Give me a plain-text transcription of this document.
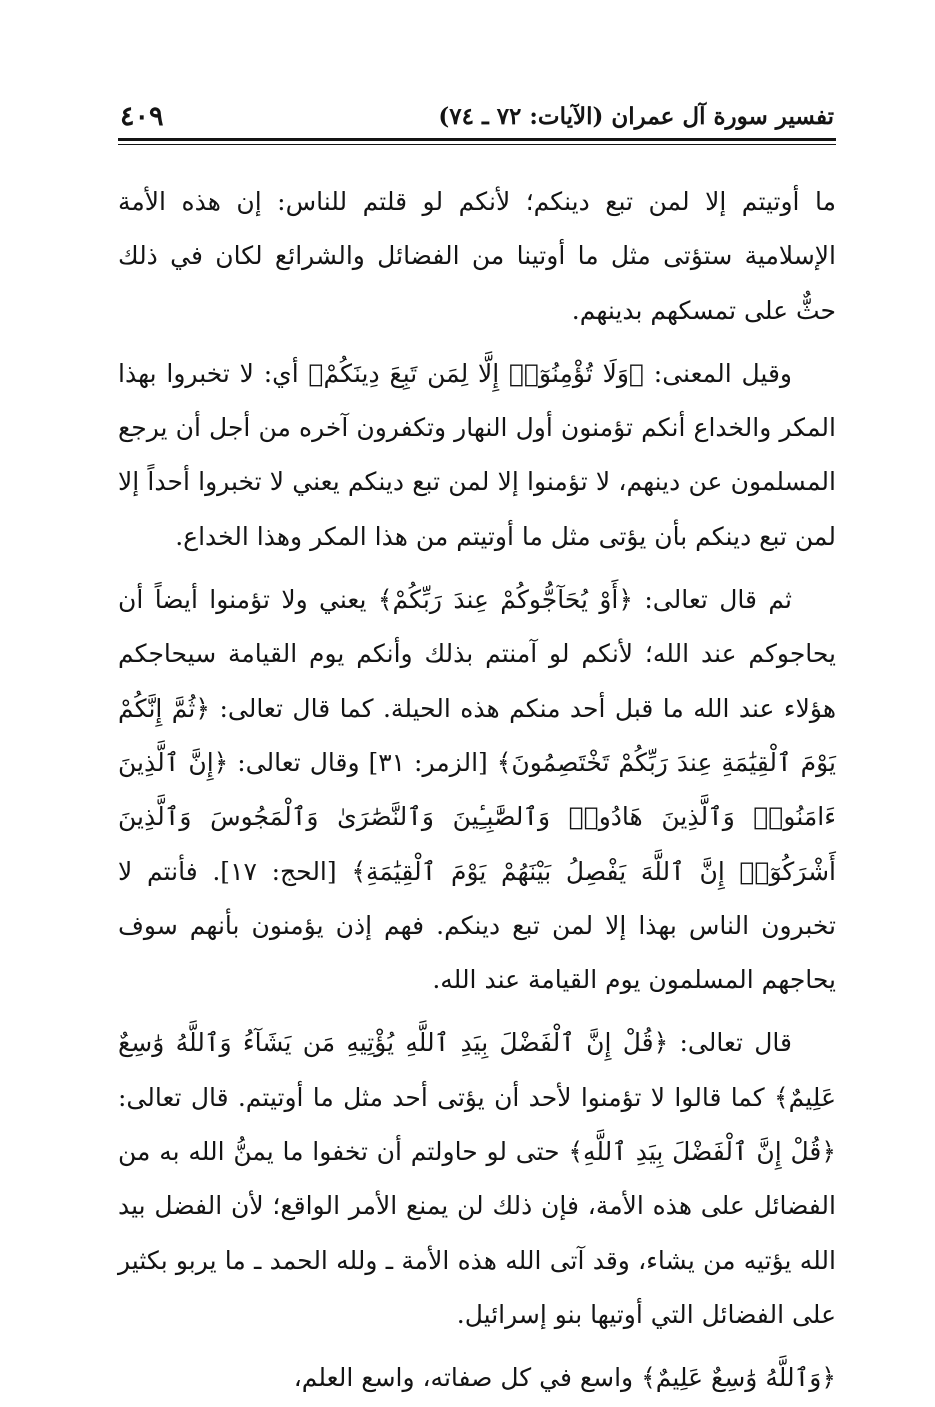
تفسير سورة آل عمران (الآيات: ٧٢ ـ ٧٤)
٤٠٩

ما أوتيتم إلا لمن تبع دينكم؛ لأنكم لو قلتم للناس: إن هذه الأمة الإسلامية ستؤتى مثل ما أوتينا من الفضائل والشرائع لكان في ذلك حثٌّ على تمسكهم بدينهم.

وقيل المعنى: ﴿وَلَا تُؤْمِنُوٓا۟ إِلَّا لِمَن تَبِعَ دِينَكُمْ﴾ أي: لا تخبروا بهذا المكر والخداع أنكم تؤمنون أول النهار وتكفرون آخره من أجل أن يرجع المسلمون عن دينهم، لا تؤمنوا إلا لمن تبع دينكم يعني لا تخبروا أحداً إلا لمن تبع دينكم بأن يؤتى مثل ما أوتيتم من هذا المكر وهذا الخداع.

ثم قال تعالى: ﴿أَوْ يُحَآجُّوكُمْ عِندَ رَبِّكُمْ﴾ يعني ولا تؤمنوا أيضاً أن يحاجوكم عند الله؛ لأنكم لو آمنتم بذلك وأنكم يوم القيامة سيحاجكم هؤلاء عند الله ما قبل أحد منكم هذه الحيلة. كما قال تعالى: ﴿ثُمَّ إِنَّكُمْ يَوْمَ ٱلْقِيَٰمَةِ عِندَ رَبِّكُمْ تَخْتَصِمُونَ﴾ [الزمر: ٣١] وقال تعالى: ﴿إِنَّ ٱلَّذِينَ ءَامَنُوا۟ وَٱلَّذِينَ هَادُوا۟ وَٱلصَّٰبِـِٔينَ وَٱلنَّصَٰرَىٰ وَٱلْمَجُوسَ وَٱلَّذِينَ أَشْرَكُوٓا۟ إِنَّ ٱللَّهَ يَفْصِلُ بَيْنَهُمْ يَوْمَ ٱلْقِيَٰمَةِ﴾ [الحج: ١٧]. فأنتم لا تخبرون الناس بهذا إلا لمن تبع دينكم. فهم إذن يؤمنون بأنهم سوف يحاجهم المسلمون يوم القيامة عند الله.

قال تعالى: ﴿قُلْ إِنَّ ٱلْفَضْلَ بِيَدِ ٱللَّهِ يُؤْتِيهِ مَن يَشَآءُ وَٱللَّهُ وَٰسِعٌ عَلِيمٌ﴾ كما قالوا لا تؤمنوا لأحد أن يؤتى أحد مثل ما أوتيتم. قال تعالى: ﴿قُلْ إِنَّ ٱلْفَضْلَ بِيَدِ ٱللَّهِ﴾ حتى لو حاولتم أن تخفوا ما يمنُّ الله به من الفضائل على هذه الأمة، فإن ذلك لن يمنع الأمر الواقع؛ لأن الفضل بيد الله يؤتيه من يشاء، وقد آتى الله هذه الأمة ـ ولله الحمد ـ ما يربو بكثير على الفضائل التي أوتيها بنو إسرائيل.

﴿وَٱللَّهُ وَٰسِعٌ عَلِيمٌ﴾ واسع في كل صفاته، واسع العلم،
